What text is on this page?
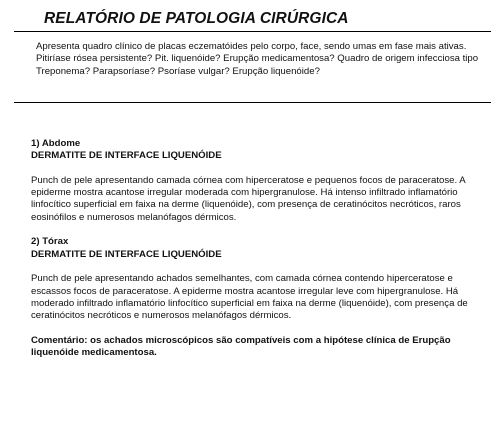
RELATÓRIO DE PATOLOGIA CIRÚRGICA

Apresenta quadro clínico de placas eczematóides pelo corpo, face, sendo umas em fase mais ativas.

Pitiríase rósea persistente? Pit. liquenóide? Erupção medicamentosa? Quadro de origem infecciosa tipo Treponema? Parapsoríase? Psoríase vulgar? Erupção liquenóide?

1) Abdome
DERMATITE DE INTERFACE LIQUENÓIDE

Punch de pele apresentando camada córnea com hiperceratose e pequenos focos de paraceratose. A epiderme mostra acantose irregular moderada com hipergranulose. Há intenso infiltrado inflamatório linfocítico superficial em faixa na derme (liquenóide), com presença de ceratinócitos necróticos, raros eosinófilos e numerosos melanófagos dérmicos.

2) Tórax
DERMATITE DE INTERFACE LIQUENÓIDE

Punch de pele apresentando achados semelhantes, com camada córnea contendo hiperceratose e escassos focos de paraceratose. A epiderme mostra acantose irregular leve com hipergranulose. Há moderado infiltrado inflamatório linfocítico superficial em faixa na derme (liquenóide), com presença de ceratinócitos necróticos e numerosos melanófagos dérmicos.

Comentário: os achados microscópicos são compatíveis com a hipótese clínica de Erupção liquenóide medicamentosa.
